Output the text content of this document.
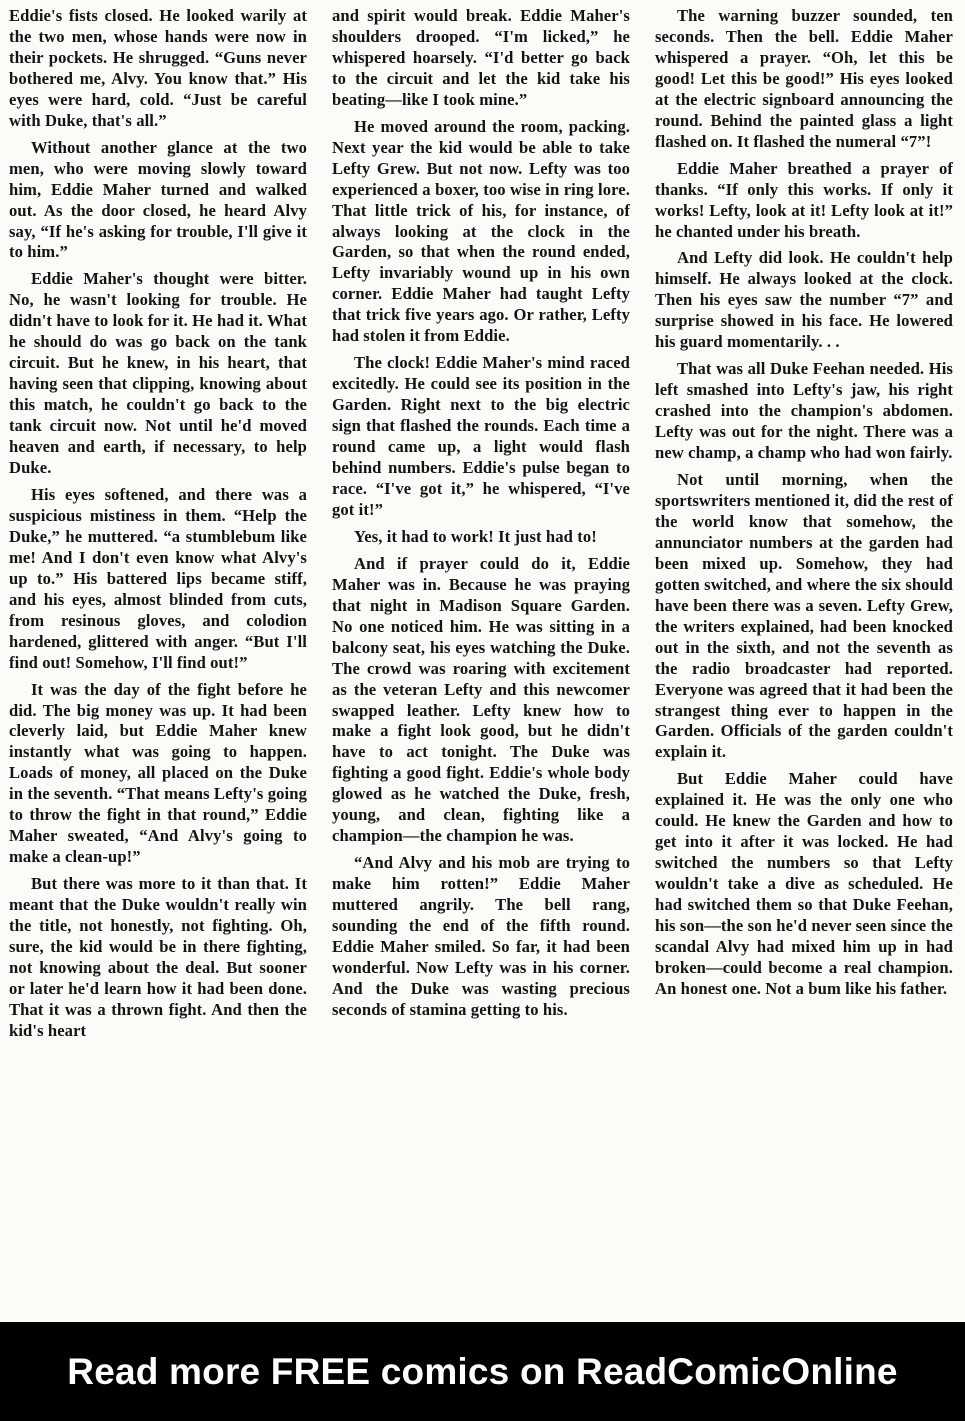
Eddie's fists closed. He looked warily at the two men, whose hands were now in their pockets. He shrugged. “Guns never bothered me, Alvy. You know that.” His eyes were hard, cold. “Just be careful with Duke, that's all.”

Without another glance at the two men, who were moving slowly toward him, Eddie Maher turned and walked out. As the door closed, he heard Alvy say, “If he's asking for trouble, I'll give it to him.”

Eddie Maher's thought were bitter. No, he wasn't looking for trouble. He didn't have to look for it. He had it. What he should do was go back on the tank circuit. But he knew, in his heart, that having seen that clipping, knowing about this match, he couldn't go back to the tank circuit now. Not until he'd moved heaven and earth, if necessary, to help Duke.

His eyes softened, and there was a suspicious mistiness in them. “Help the Duke,” he muttered. “a stumblebum like me! And I don't even know what Alvy's up to.” His battered lips became stiff, and his eyes, almost blinded from cuts, from resinous gloves, and colodion hardened, glittered with anger. “But I'll find out! Somehow, I'll find out!”

It was the day of the fight before he did. The big money was up. It had been cleverly laid, but Eddie Maher knew instantly what was going to happen. Loads of money, all placed on the Duke in the seventh. “That means Lefty's going to throw the fight in that round,” Eddie Maher sweated, “And Alvy's going to make a clean-up!”

But there was more to it than that. It meant that the Duke wouldn't really win the title, not honestly, not fighting. Oh, sure, the kid would be in there fighting, not knowing about the deal. But sooner or later he'd learn how it had been done. That it was a thrown fight. And then the kid's heart

and spirit would break. Eddie Maher's shoulders drooped. “I'm licked,” he whispered hoarsely. “I'd better go back to the circuit and let the kid take his beating—like I took mine.”

He moved around the room, packing. Next year the kid would be able to take Lefty Grew. But not now. Lefty was too experienced a boxer, too wise in ring lore. That little trick of his, for instance, of always looking at the clock in the Garden, so that when the round ended, Lefty invariably wound up in his own corner. Eddie Maher had taught Lefty that trick five years ago. Or rather, Lefty had stolen it from Eddie.

The clock! Eddie Maher's mind raced excitedly. He could see its position in the Garden. Right next to the big electric sign that flashed the rounds. Each time a round came up, a light would flash behind numbers. Eddie's pulse began to race. “I've got it,” he whispered, “I've got it!”

Yes, it had to work! It just had to!

And if prayer could do it, Eddie Maher was in. Because he was praying that night in Madison Square Garden. No one noticed him. He was sitting in a balcony seat, his eyes watching the Duke. The crowd was roaring with excitement as the veteran Lefty and this newcomer swapped leather. Lefty knew how to make a fight look good, but he didn't have to act tonight. The Duke was fighting a good fight. Eddie's whole body glowed as he watched the Duke, fresh, young, and clean, fighting like a champion—the champion he was.

“And Alvy and his mob are trying to make him rotten!” Eddie Maher muttered angrily. The bell rang, sounding the end of the fifth round. Eddie Maher smiled. So far, it had been wonderful. Now Lefty was in his corner. And the Duke was wasting precious seconds of stamina getting to his.

The warning buzzer sounded, ten seconds. Then the bell. Eddie Maher whispered a prayer. “Oh, let this be good! Let this be good!” His eyes looked at the electric signboard announcing the round. Behind the painted glass a light flashed on. It flashed the numeral “7”!

Eddie Maher breathed a prayer of thanks. “If only this works. If only it works! Lefty, look at it! Lefty look at it!” he chanted under his breath.

And Lefty did look. He couldn't help himself. He always looked at the clock. Then his eyes saw the number “7” and surprise showed in his face. He lowered his guard momentarily. . .

That was all Duke Feehan needed. His left smashed into Lefty's jaw, his right crashed into the champion's abdomen. Lefty was out for the night. There was a new champ, a champ who had won fairly.

Not until morning, when the sportswriters mentioned it, did the rest of the world know that somehow, the annunciator numbers at the garden had been mixed up. Somehow, they had gotten switched, and where the six should have been there was a seven. Lefty Grew, the writers explained, had been knocked out in the sixth, and not the seventh as the radio broadcaster had reported. Everyone was agreed that it had been the strangest thing ever to happen in the Garden. Officials of the garden couldn't explain it.

But Eddie Maher could have explained it. He was the only one who could. He knew the Garden and how to get into it after it was locked. He had switched the numbers so that Lefty wouldn't take a dive as scheduled. He had switched them so that Duke Feehan, his son—the son he'd never seen since the scandal Alvy had mixed him up in had broken—could become a real champion. An honest one. Not a bum like his father.

Read more FREE comics on ReadComicOnline
